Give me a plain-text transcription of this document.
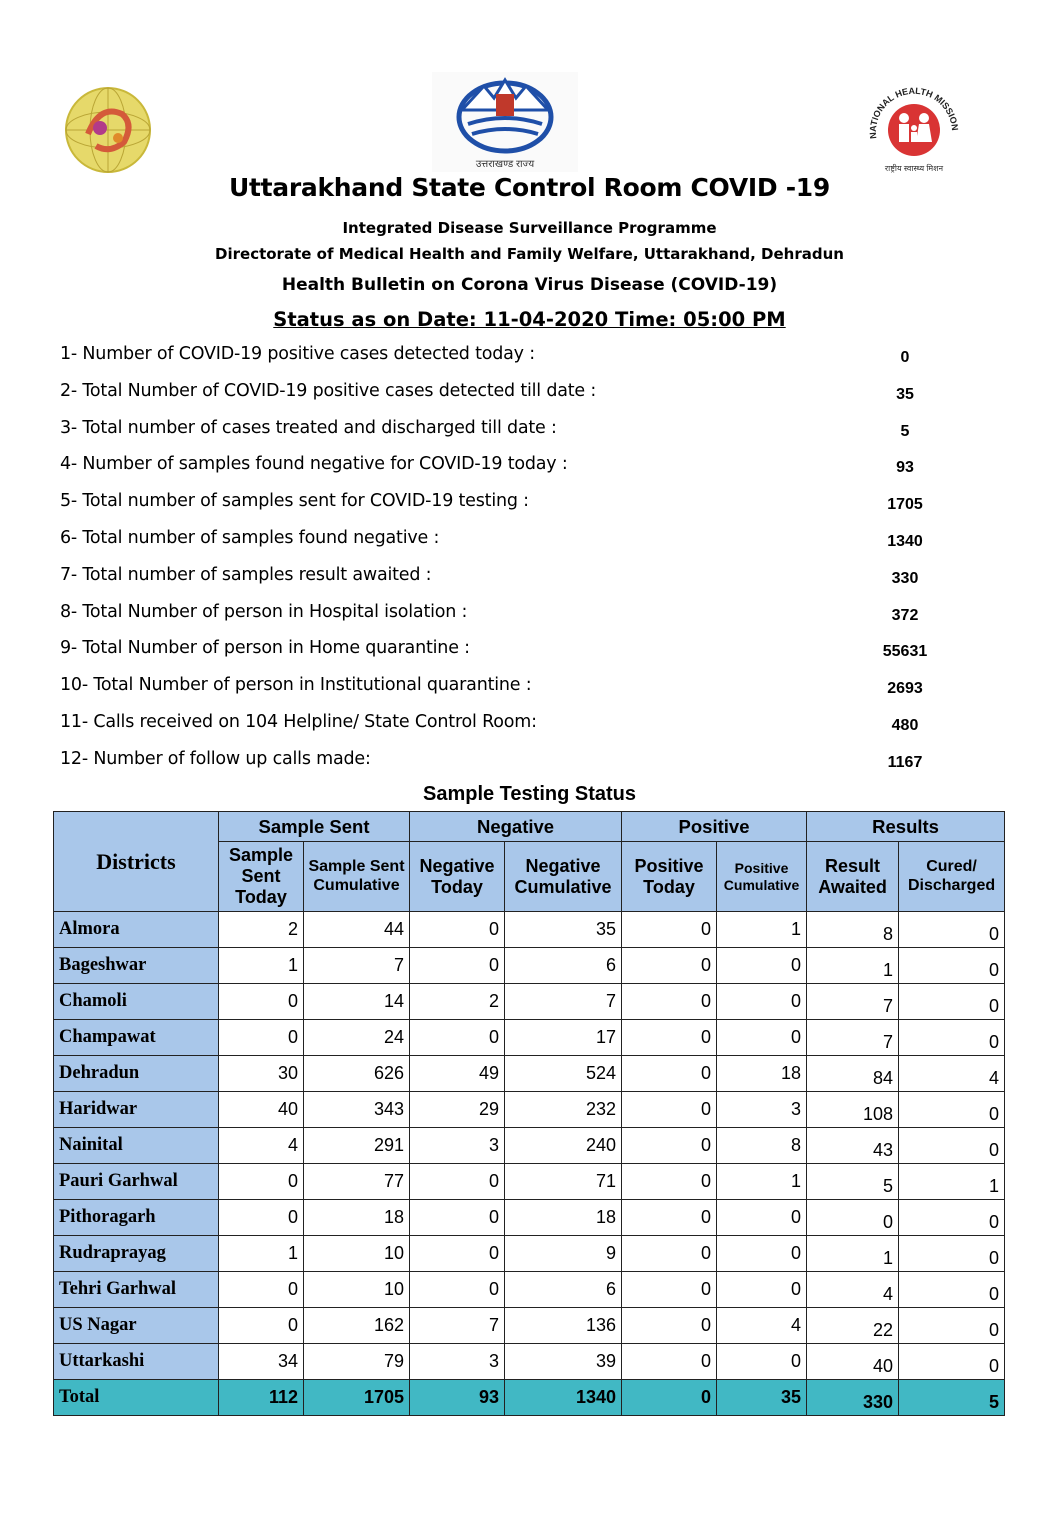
उत्तराखण्ड राज्य
NATIONAL HEALTH MISSION
राष्ट्रीय स्वास्थ्य मिशन
Uttarakhand State Control Room COVID -19
Integrated Disease Surveillance Programme
Directorate of Medical Health and Family Welfare, Uttarakhand, Dehradun
Health Bulletin on Corona Virus Disease (COVID-19)
Status as on Date: 11-04-2020 Time: 05:00 PM
1- Number of COVID-19 positive cases detected today :	0
2- Total Number of COVID-19 positive cases detected till date :	35
3- Total number of cases treated and discharged till date :	5
4- Number of samples found negative for COVID-19 today :	93
5- Total number of samples sent for COVID-19 testing :	1705
6- Total number of samples found negative :	1340
7- Total number of samples result awaited :	330
8- Total Number of person in Hospital isolation :	372
9- Total Number of person in Home quarantine :	55631
10- Total Number of person in Institutional quarantine :	2693
11- Calls received on 104 Helpline/ State Control Room:	480
12- Number of follow up calls made:	1167
Sample Testing Status
Districts	Sample Sent		Negative		Positive		Results	
	Sample Sent Today	Sample Sent Cumulative	Negative Today	Negative Cumulative	Positive Today	Positive Cumulative	Result Awaited	Cured/ Discharged
Almora	2	44	0	35	0	1	8	0
Bageshwar	1	7	0	6	0	0	1	0
Chamoli	0	14	2	7	0	0	7	0
Champawat	0	24	0	17	0	0	7	0
Dehradun	30	626	49	524	0	18	84	4
Haridwar	40	343	29	232	0	3	108	0
Nainital	4	291	3	240	0	8	43	0
Pauri Garhwal	0	77	0	71	0	1	5	1
Pithoragarh	0	18	0	18	0	0	0	0
Rudraprayag	1	10	0	9	0	0	1	0
Tehri Garhwal	0	10	0	6	0	0	4	0
US Nagar	0	162	7	136	0	4	22	0
Uttarkashi	34	79	3	39	0	0	40	0
Total	112	1705	93	1340	0	35	330	5
